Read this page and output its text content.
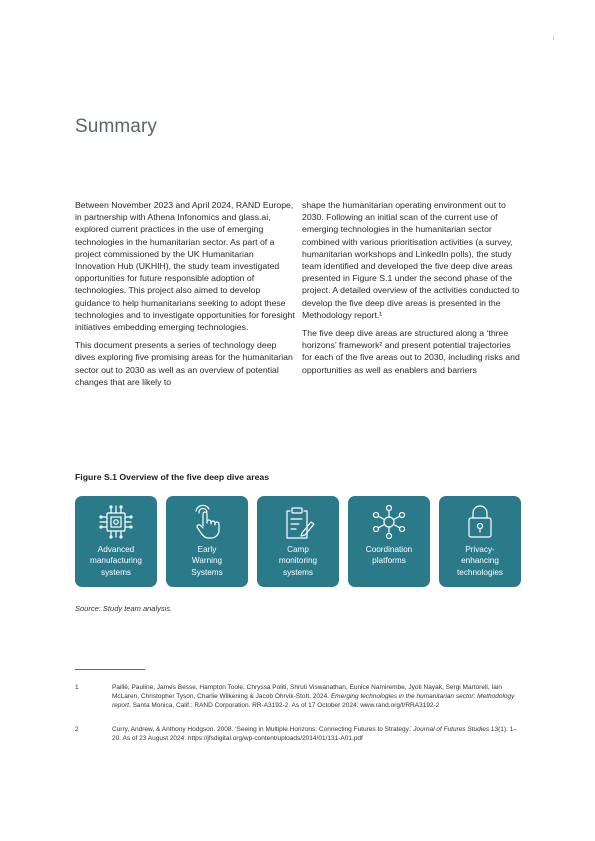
i
Summary

Between November 2023 and April 2024, RAND Europe, in partnership with Athena Infonomics and glass.ai, explored current practices in the use of emerging technologies in the humanitarian sector. As part of a project commissioned by the UK Humanitarian Innovation Hub (UKHIH), the study team investigated opportunities for future responsible adoption of technologies. This project also aimed to develop guidance to help humanitarians seeking to adopt these technologies and to investigate opportunities for foresight initiatives embedding emerging technologies.

This document presents a series of technology deep dives exploring five promising areas for the humanitarian sector out to 2030 as well as an overview of potential changes that are likely to

shape the humanitarian operating environment out to 2030. Following an initial scan of the current use of emerging technologies in the humanitarian sector combined with various prioritisation activities (a survey, humanitarian workshops and LinkedIn polls), the study team identified and developed the five deep dive areas presented in Figure S.1 under the second phase of the project. A detailed overview of the activities conducted to develop the five deep dive areas is presented in the Methodology report.¹

The five deep dive areas are structured along a ‘three horizons’ framework² and present potential trajectories for each of the five areas out to 2030, including risks and opportunities as well as enablers and barriers

Figure S.1 Overview of the five deep dive areas
Advanced
manufacturing
systems
Early
Warning
Systems
Camp
monitoring
systems
Coordination
platforms
Privacy-
enhancing
technologies
Source: Study team analysis.
1	Paillé, Pauline, James Besse, Hampton Toole, Chryssa Politi, Shruti Viswanathan, Eunice Namirembe, Jyoti Nayak, Sergi Martorell, Iain McLaren, Christopher Tyson, Charlie Wilkening & Jacob Ohrvik-Stott. 2024. Emerging technologies in the humanitarian sector: Methodology report. Santa Monica, Calif.: RAND Corporation. RR-A3192-2. As of 17 October 2024: www.rand.org/t/RRA3192-2
2	Curry, Andrew, & Anthony Hodgson. 2008. ‘Seeing in Multiple Horizons: Connecting Futures to Strategy.’ Journal of Futures Studies 13(1): 1–20. As of 23 August 2024: https://jfsdigital.org/wp-content/uploads/2014/01/131-A01.pdf
